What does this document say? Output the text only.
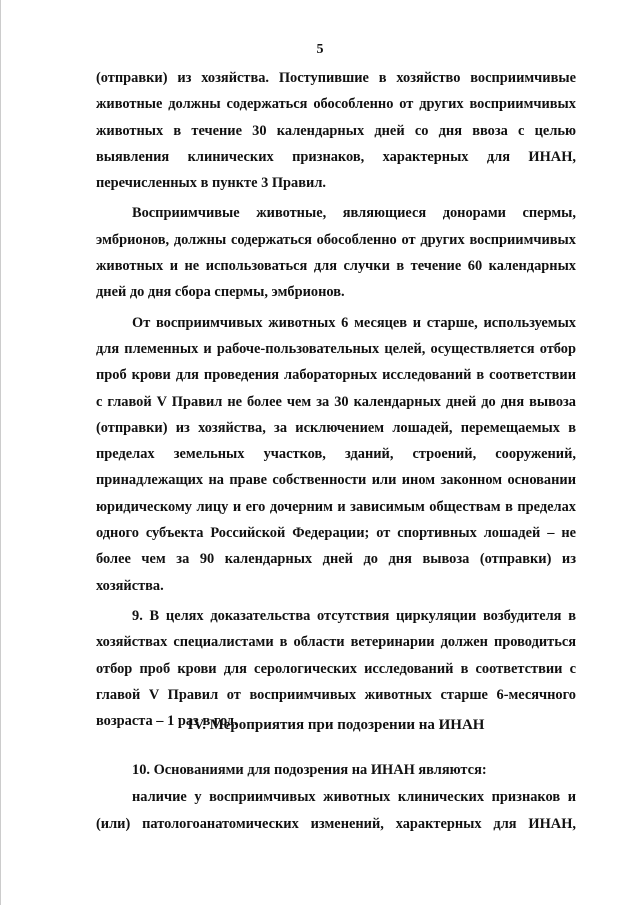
5

(отправки) из хозяйства. Поступившие в хозяйство восприимчивые животные должны содержаться обособленно от других восприимчивых животных в течение 30 календарных дней со дня ввоза с целью выявления клинических признаков, характерных для ИНАН, перечисленных в пункте 3 Правил.

Восприимчивые животные, являющиеся донорами спермы, эмбрионов, должны содержаться обособленно от других восприимчивых животных и не использоваться для случки в течение 60 календарных дней до дня сбора спермы, эмбрионов.

От восприимчивых животных 6 месяцев и старше, используемых для племенных и рабоче-пользовательных целей, осуществляется отбор проб крови для проведения лабораторных исследований в соответствии с главой V Правил не более чем за 30 календарных дней до дня вывоза (отправки) из хозяйства, за исключением лошадей, перемещаемых в пределах земельных участков, зданий, строений, сооружений, принадлежащих на праве собственности или ином законном основании юридическому лицу и его дочерним и зависимым обществам в пределах одного субъекта Российской Федерации; от спортивных лошадей – не более чем за 90 календарных дней до дня вывоза (отправки) из хозяйства.

9. В целях доказательства отсутствия циркуляции возбудителя в хозяйствах специалистами в области ветеринарии должен проводиться отбор проб крови для серологических исследований в соответствии с главой V Правил от восприимчивых животных старше 6-месячного возраста – 1 раз в год.

IV. Мероприятия при подозрении на ИНАН

10. Основаниями для подозрения на ИНАН являются:

наличие у восприимчивых животных клинических признаков и (или) патологоанатомических изменений, характерных для ИНАН,
